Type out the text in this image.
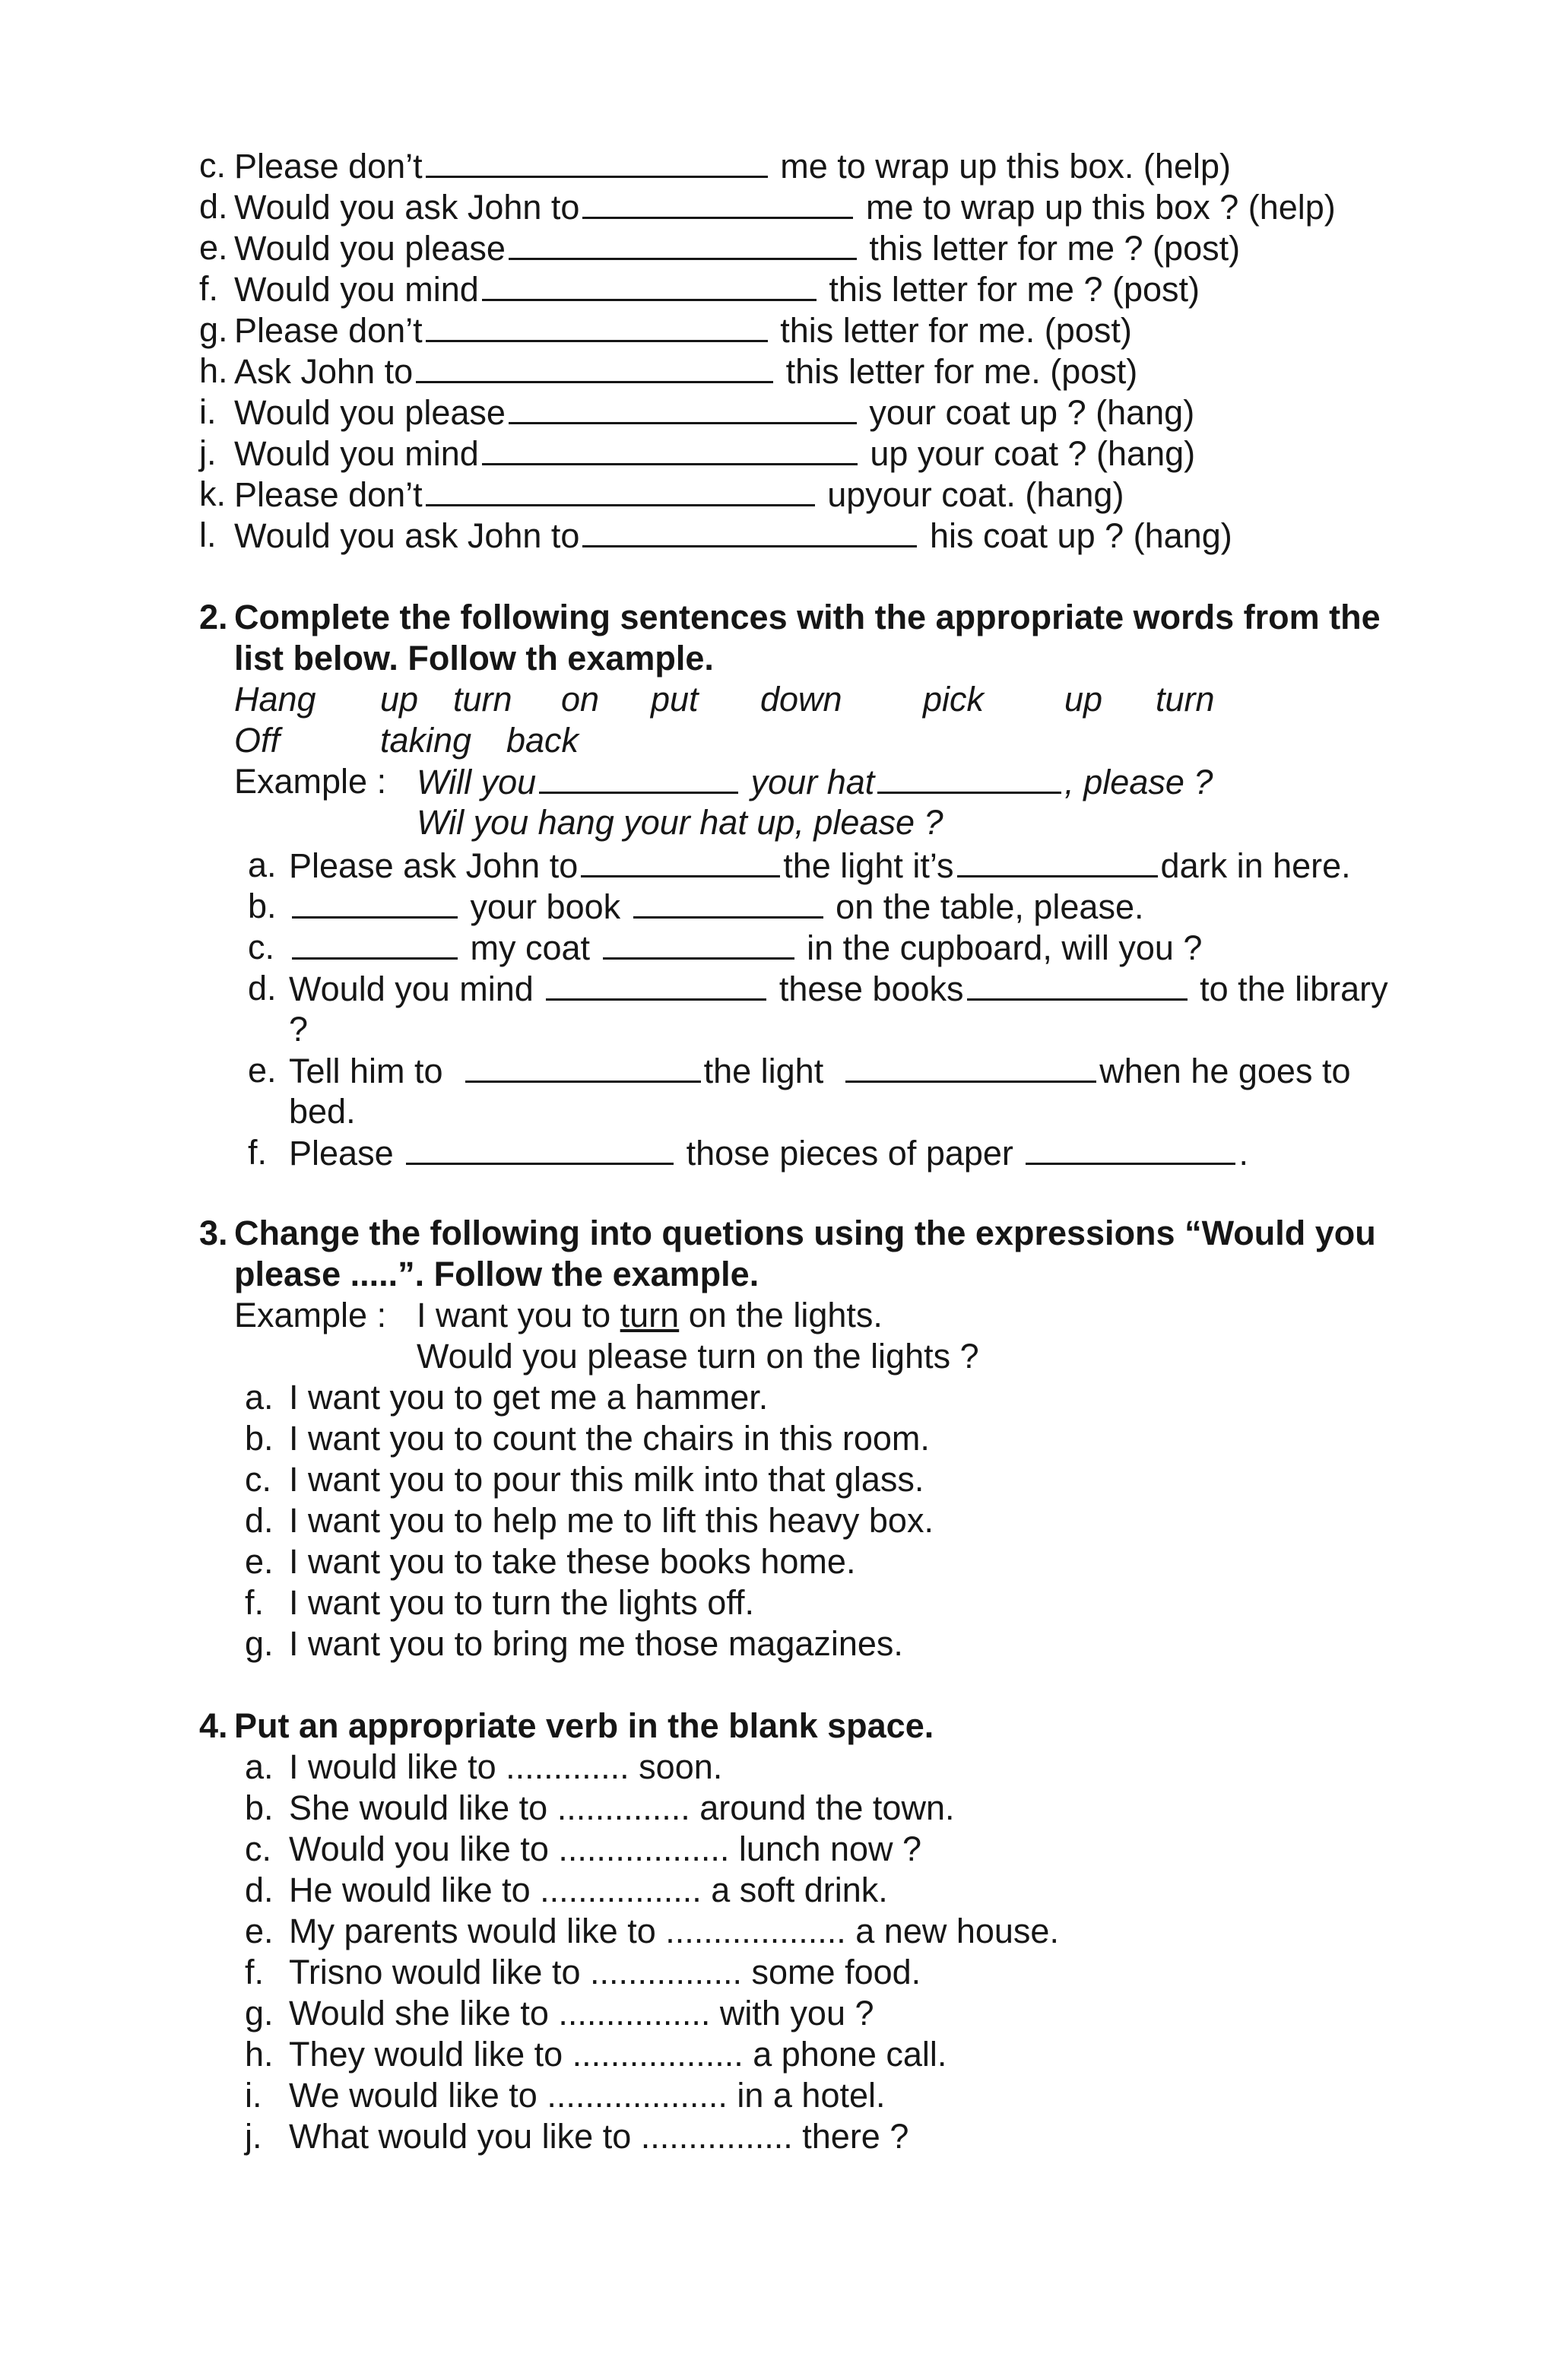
c. Please don’t	me to wrap up this box. (help)
d. Would you ask John to	me to wrap up this box ? (help)
e. Would you please	this letter for me ? (post)
f. Would you mind	this letter for me ? (post)
g. Please don’t	this letter for me. (post)
h. Ask John to	this letter for me. (post)
i. Would you please	your coat up ? (hang)
j. Would you mind	up your coat ? (hang)
k. Please don’t	upyour coat. (hang)
l. Would you ask John to	his coat up ? (hang)
2. Complete the following sentences with the appropriate words from the
list below. Follow th example.
Hang up turn on put down pick up turn
Off	taking back
Example : Will you	your hat	, please ?
Wil you hang your hat up, please ?
a. Please ask John to	the light it’s	dark in here.
b.	your book	on the table, please.
c.	my coat	in the cupboard, will you ?
d. Would you mind	these books	to the library
?
e. Tell him to	the light	when he goes to
bed.
f. Please	those pieces of paper	.
3. Change the following into quetions using the expressions “Would you
please .....”. Follow the example.
Example : I want you to turn on the lights.
Would you please turn on the lights ?
a. I want you to get me a hammer.
b. I want you to count the chairs in this room.
c. I want you to pour this milk into that glass.
d. I want you to help me to lift this heavy box.
e. I want you to take these books home.
f. I want you to turn the lights off.
g. I want you to bring me those magazines.
4. Put an appropriate verb in the blank space.
a. I would like to ............. soon.
b. She would like to .............. around the town.
c. Would you like to .................. lunch now ?
d. He would like to ................. a soft drink.
e. My parents would like to ................... a new house.
f. Trisno would like to ................ some food.
g. Would she like to ................ with you ?
h. They would like to .................. a phone call.
i. We would like to ................... in a hotel.
j. What would you like to ................ there ?
